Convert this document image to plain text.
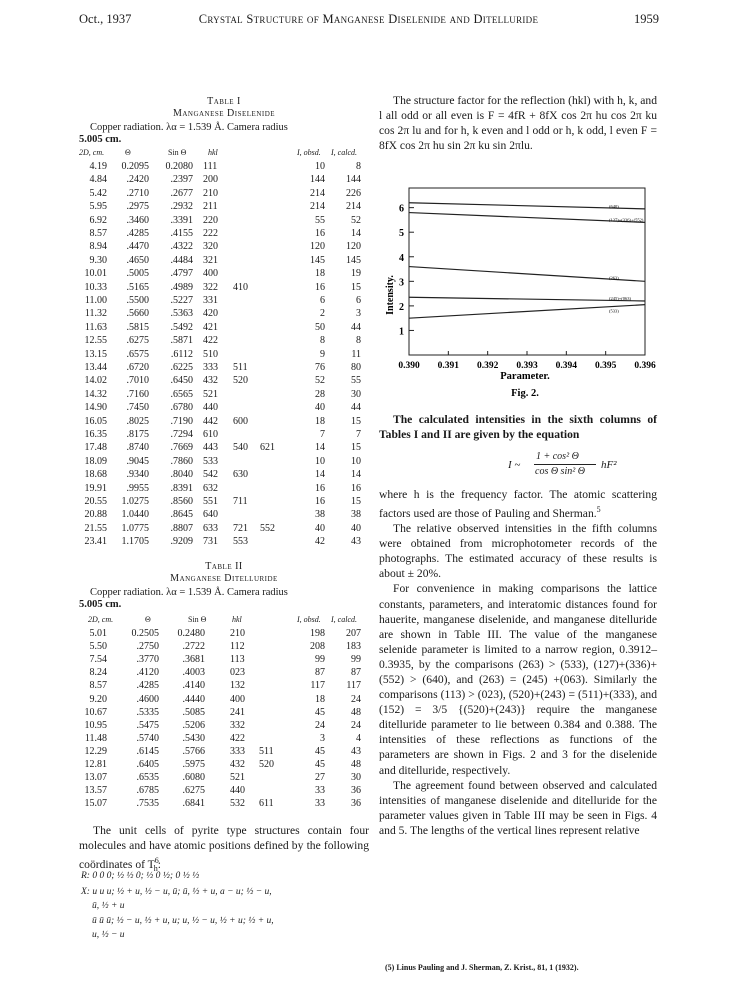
Oct., 1937	Crystal Structure of Manganese Diselenide and Ditelluride	1959
Table I
Manganese Diselenide
Copper radiation. λα = 1.539 Å. Camera radius
5.005 cm.
2D, cm.	Θ	Sin Θ	hkl	I, obsd. I, calcd.
4.19	0.2095	0.2080 111	10	8
4.84	.2420	.2397 200	144	144
5.42	.2710	.2677 210	214	226
5.95	.2975	.2932 211	214	214
6.92	.3460	.3391 220	55	52
8.57	.4285	.4155 222	16	14
8.94	.4470	.4322 320	120	120
9.30	.4650	.4484 321	145	145
10.01	.5005	.4797 400	18	19
10.33	.5165	.4989 322	410	16	15
11.00	.5500	.5227 331	6	6
11.32	.5660	.5363 420	2	3
11.63	.5815	.5492 421	50	44
12.55	.6275	.5871 422	8	8
13.15	.6575	.6112 510	9	11
13.44	.6720	.6225 333	511	76	80
14.02	.7010	.6450 432	520	52	55
14.32	.7160	.6565 521	28	30
14.90	.7450	.6780 440	40	44
16.05	.8025	.7190 442	600	18	15
16.35	.8175	.7294 610	7	7
17.48	.8740	.7669 443	540	621	14	15
18.09	.9045	.7860 533	10	10
18.68	.9340	.8040 542	630	14	14
19.91	.9955	.8391 632	16	16
20.55	1.0275	.8560 551	711	16	15
20.88	1.0440	.8645 640	38	38
21.55	1.0775	.8807 633	721	552	40	40
23.41	1.1705	.9209 731	553	42	43
Table II
Manganese Ditelluride
Copper radiation. λα = 1.539 Å. Camera radius
5.005 cm.
2D, cm.	Θ	Sin Θ	hkl	I, obsd. I, calcd.
5.01	0.2505	0.2480	210	198	207
5.50	.2750	.2722	112	208	183
7.54	.3770	.3681	113	99	99
8.24	.4120	.4003	023	87	87
8.57	.4285	.4140	132	117	117
9.20	.4600	.4440	400	18	24
10.67	.5335	.5085	241	45	48
10.95	.5475	.5206	332	24	24
11.48	.5740	.5430	422	3	4
12.29	.6145	.5766	333	511	45	43
12.81	.6405	.5975	432	520	45	48
13.07	.6535	.6080	521	27	30
13.57	.6785	.6275	440	33	36
15.07	.7535	.6841	532	611	33	36

The unit cells of pyrite type structures contain four molecules and have atomic positions defined by the following coördinates of $T^6_h$:

R: 0 0 0; ½ ½ 0; ½ 0 ½; 0 ½ ½
X: u u u; ½ + u, ½ − u, ū; ū, ½ + u, a − u; ½ − u,
ū, ½ + u
ū ū ū; ½ − u, ½ + u, u; u, ½ − u, ½ + u; ½ + u,
u, ½ − u

The structure factor for the reflection (hkl) with h, k, and l all odd or all even is F = 4fR + 8fX cos 2π hu cos 2π ku cos 2π lu and for h, k even and l odd or h, k odd, l even F = 8fX cos 2π hu sin 2π ku sin 2πlu.

(640)
(127)+(336)+(552)
(263)
(245)+(063)
(533)
1
2
3
4
5
6
0.390 0.391 0.392 0.393 0.394 0.395 0.396
Intensity.
Parameter.
Fig. 2.

The calculated intensities in the sixth columns of Tables I and II are given by the equation

I ~
1 + cos² Θ
cos Θ sin² Θ
hF²

where h is the frequency factor. The atomic scattering factors used are those of Pauling and Sherman.$^5$

The relative observed intensities in the fifth columns were obtained from microphotometer records of the photographs. The estimated accuracy of these results is about ± 20%.

For convenience in making comparisons the lattice constants, parameters, and interatomic distances found for hauerite, manganese diselenide, and manganese ditelluride are shown in Table III. The value of the manganese selenide parameter is limited to a narrow region, 0.3912–0.3935, by the comparisons (263) > (533), (127)+(336)+(552) > (640), and (263) = (245) +(063). Similarly the comparisons (113) > (023), (520)+(243) = (511)+(333), and (152) = 3/5 {(520)+(243)} require the manganese ditelluride parameter to lie between 0.384 and 0.388. The intensities of these reflections as functions of the parameters are shown in Figs. 2 and 3 for the diselenide and ditelluride, respectively.

The agreement found between observed and calculated intensities of manganese diselenide and ditelluride for the parameter values given in Table III may be seen in Figs. 4 and 5. The lengths of the vertical lines represent relative

(5) Linus Pauling and J. Sherman, Z. Krist., 81, 1 (1932).
